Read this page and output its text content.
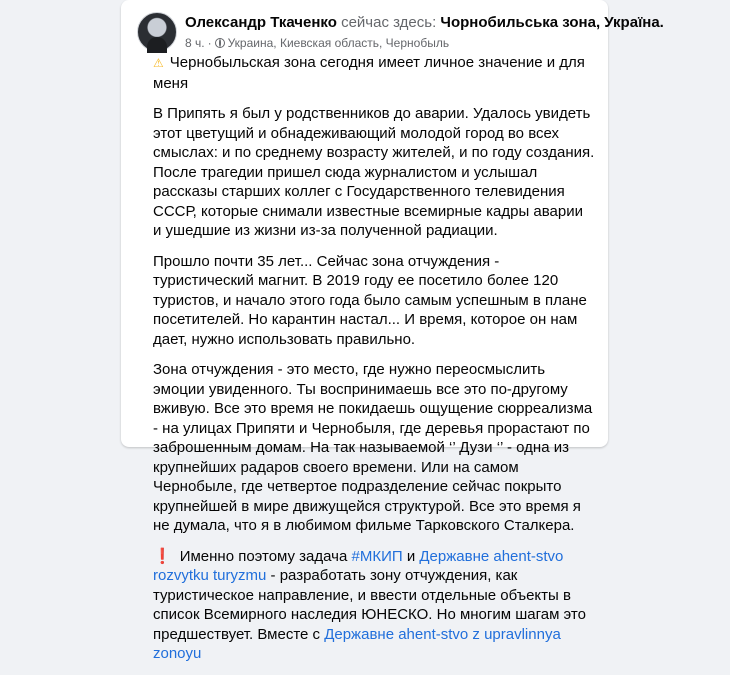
Олександр Ткаченко сейчас здесь: Чорнобильська зона, Україна.
8 ч. · Украина, Киевская область, Чернобыль

⚠ Чернобыльская зона сегодня имеет личное значение и для меня

В Припять я был у родственников до аварии. Удалось увидеть этот цветущий и обнадеживающий молодой город во всех смыслах: и по среднему возрасту жителей, и по году создания. После трагедии пришел сюда журналистом и услышал рассказы старших коллег с Государственного телевидения СССР, которые снимали известные всемирные кадры аварии и ушедшие из жизни из-за полученной радиации.

Прошло почти 35 лет... Сейчас зона отчуждения - туристический магнит. В 2019 году ее посетило более 120 туристов, и начало этого года было самым успешным в плане посетителей. Но карантин настал... И время, которое он нам дает, нужно использовать правильно.

Зона отчуждения - это место, где нужно переосмыслить эмоции увиденного. Ты воспринимаешь все это по-другому вживую. Все это время не покидаешь ощущение сюрреализма - на улицах Припяти и Чернобыля, где деревья прорастают по заброшенным домам. На так называемой ‘’ Дузи ‘’ - одна из крупнейших радаров своего времени. Или на самом Чернобыле, где четвертое подразделение сейчас покрыто крупнейшей в мире движущейся структурой. Все это время я не думала, что я в любимом фильме Тарковского Сталкера.

❗ Именно поэтому задача #МКИП и Державне ahent-stvo rozvytku turyzmu - разработать зону отчуждения, как туристическое направление, и ввести отдельные объекты в список Всемирного наследия ЮНЕСКО. Но многим шагам это предшествует. Вместе с Державне ahent-stvo z upravlinnya zonoyu
